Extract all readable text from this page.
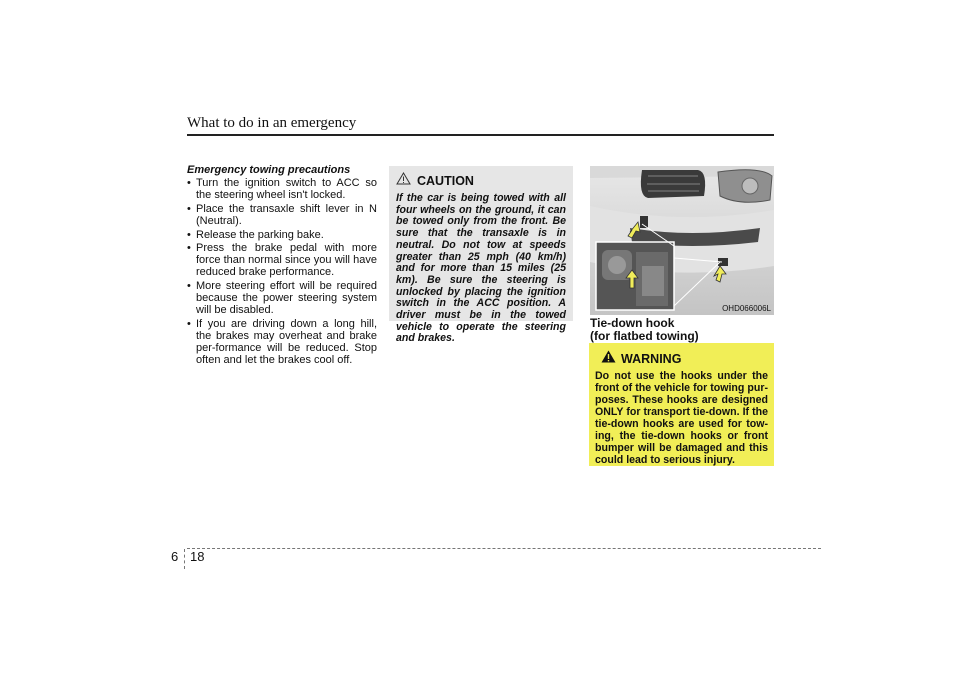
What to do in an emergency
Emergency towing precautions
• Turn the ignition switch to ACC so the steering wheel isn't locked.
• Place the transaxle shift lever in N (Neutral).
• Release the parking bake.
• Press the brake pedal with more force than normal since you will have reduced brake performance.
• More steering effort will be required because the power steering system will be disabled.
• If you are driving down a long hill, the brakes may overheat and brake per-formance will be reduced. Stop often and let the brakes cool off.
CAUTION
If the car is being towed with all four wheels on the ground, it can be towed only from the front. Be sure that the transaxle is in neutral. Do not tow at speeds greater than 25 mph (40 km/h) and for more than 15 miles (25 km). Be sure the steering is unlocked by placing the ignition switch in the ACC position. A driver must be in the towed vehicle to operate the steering and brakes.
OHD066006L
Tie-down hook
(for flatbed towing)
WARNING
Do not use the hooks under the front of the vehicle for towing pur-poses. These hooks are designed ONLY for transport tie-down. If the tie-down hooks are used for tow-ing, the tie-down hooks or front bumper will be damaged and this could lead to serious injury.
6 18
